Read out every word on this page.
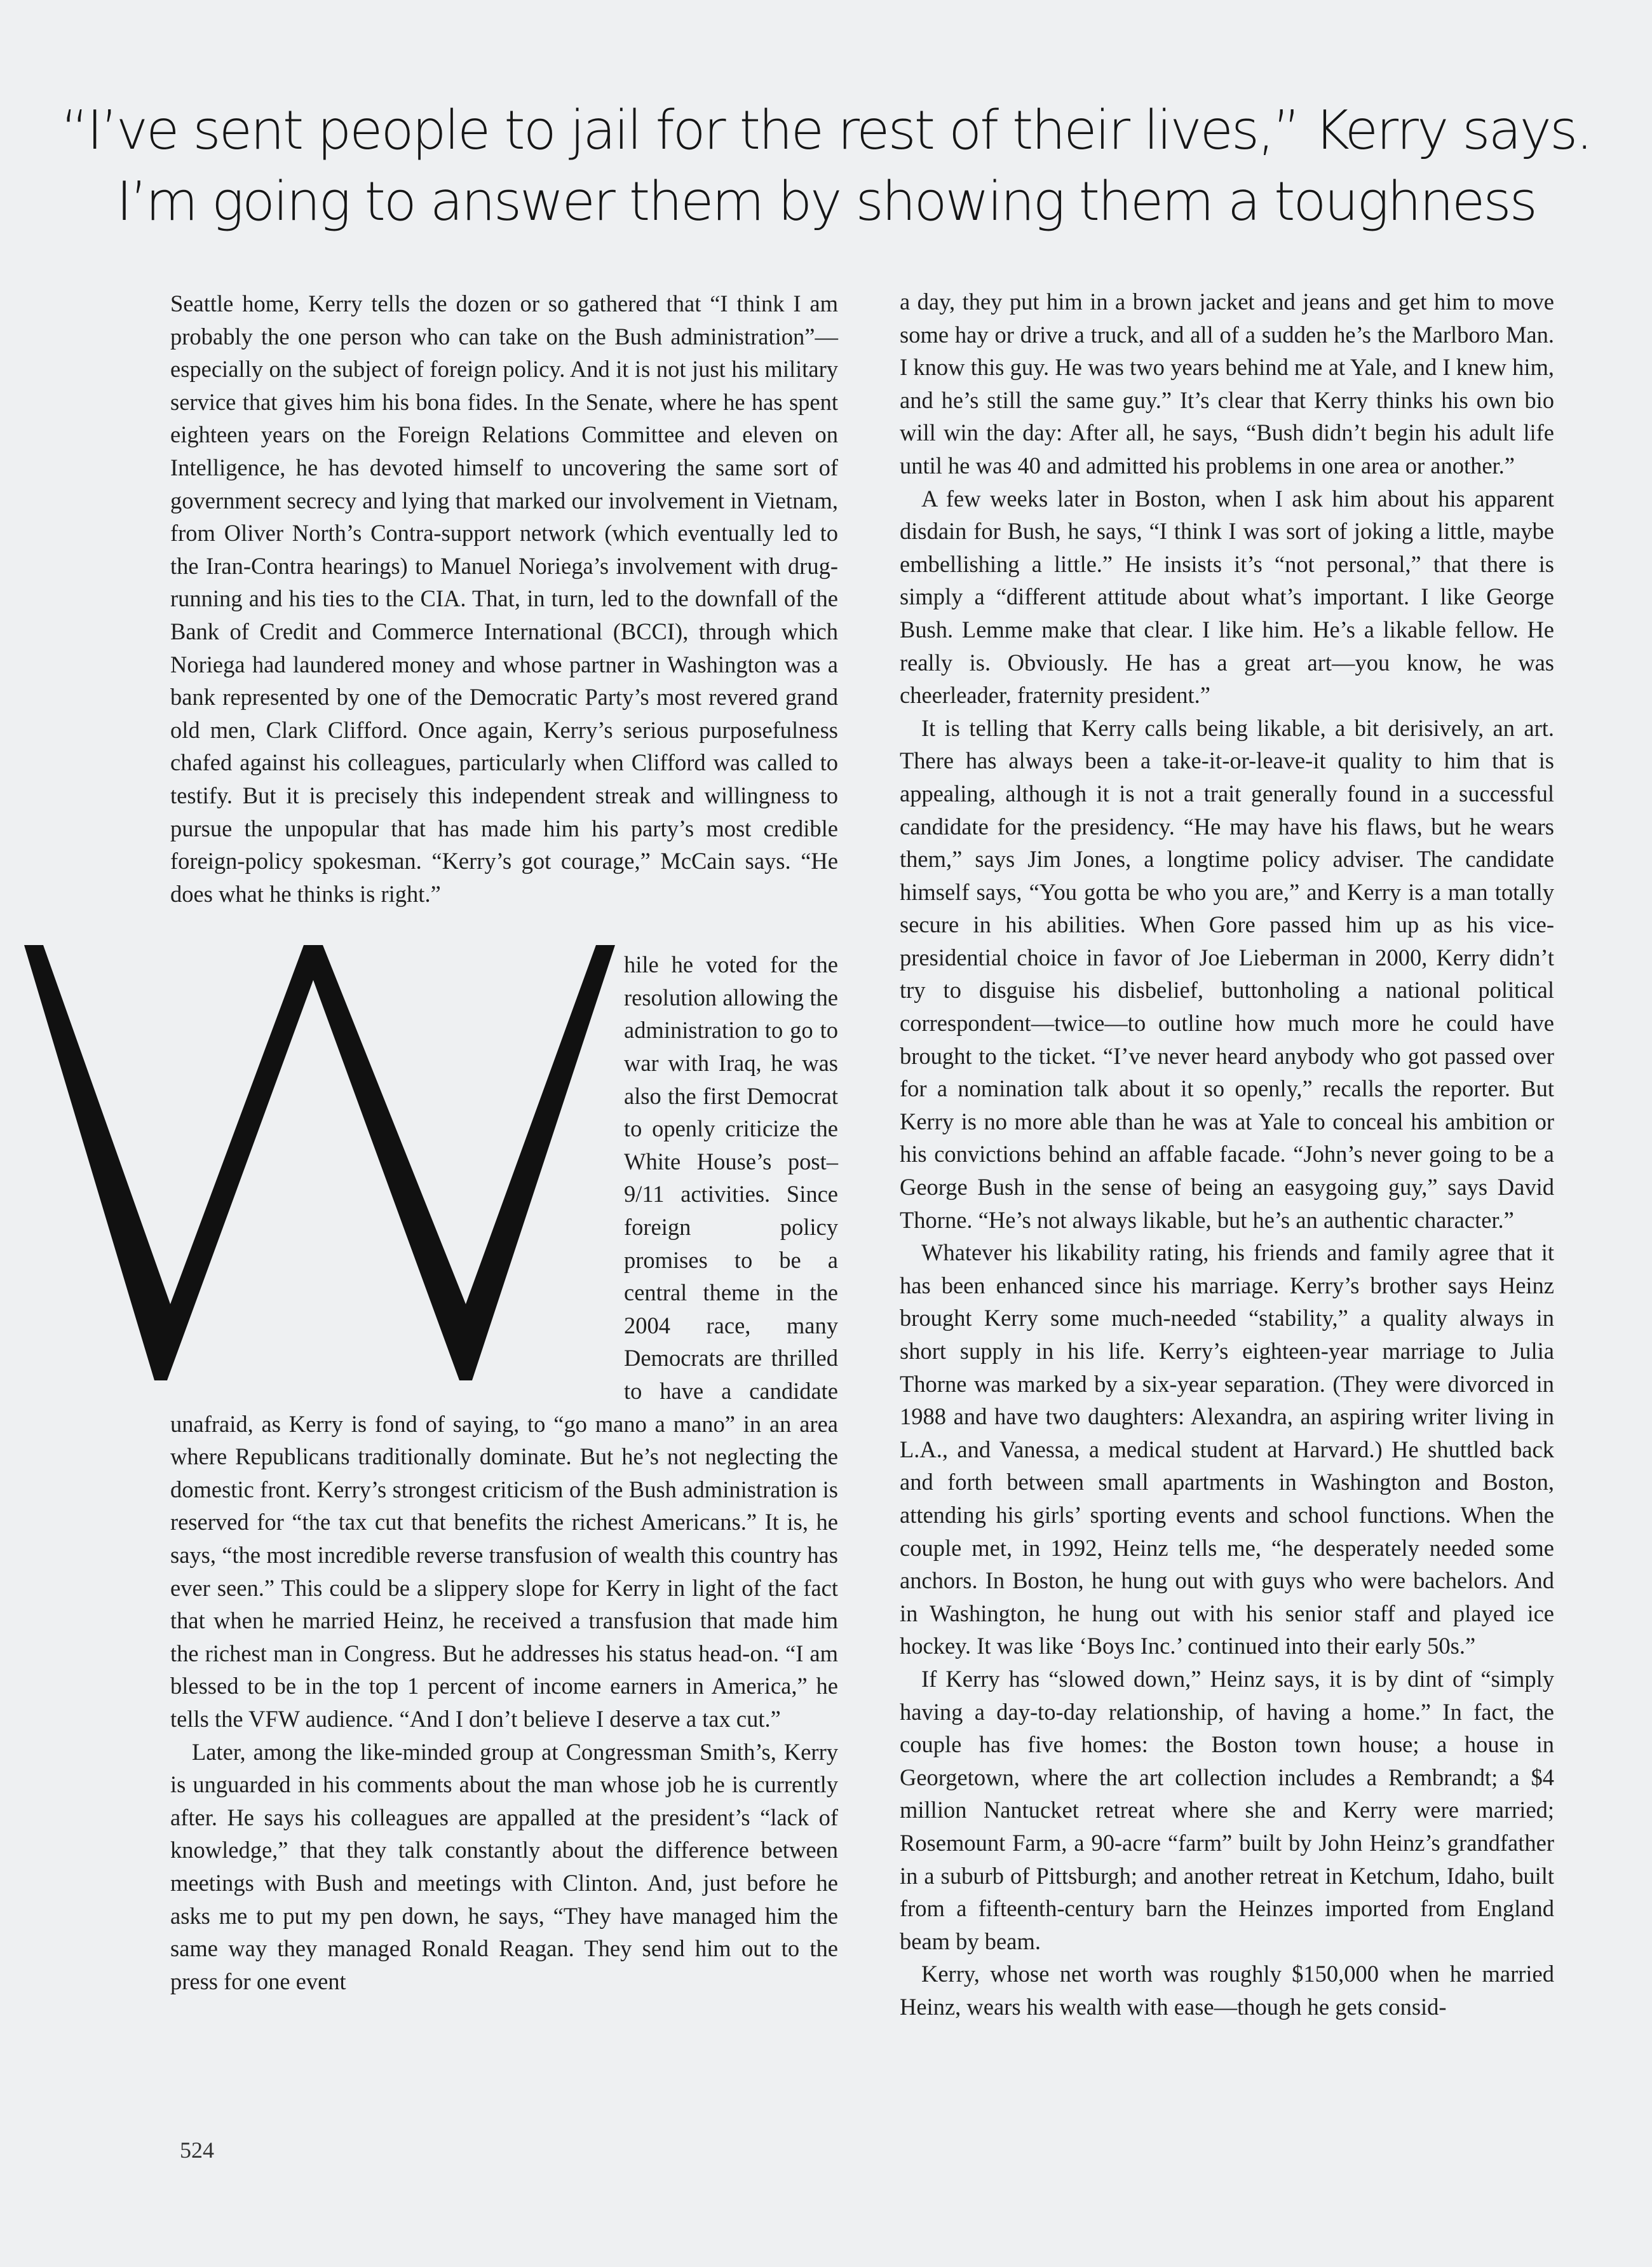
“I’ve sent people to jail for the rest of their lives,” Kerry says.
I’m going to answer them by showing them a toughness

Seattle home, Kerry tells the dozen or so gathered that “I think I am probably the one person who can take on the Bush administration”—especially on the subject of foreign policy. And it is not just his military service that gives him his bona fides. In the Senate, where he has spent eighteen years on the Foreign Relations Committee and eleven on Intelligence, he has devoted himself to uncovering the same sort of government secrecy and lying that marked our involvement in Vietnam, from Oliver North’s Contra-support network (which eventually led to the Iran-Contra hearings) to Manuel Noriega’s involvement with drug-running and his ties to the CIA. That, in turn, led to the downfall of the Bank of Credit and Commerce International (BCCI), through which Noriega had laundered money and whose partner in Washington was a bank represented by one of the Democratic Party’s most revered grand old men, Clark Clifford. Once again, Kerry’s serious purposefulness chafed against his colleagues, particularly when Clifford was called to testify. But it is precisely this independent streak and willingness to pursue the unpopular that has made him his party’s most credible foreign-policy spokesman. “Kerry’s got courage,” McCain says. “He does what he thinks is right.”

hile he voted for the resolution allowing the administration to go to war with Iraq, he was also the first Democrat to openly criticize the White House’s post–9/11 activities. Since foreign policy promises to be a central theme in the 2004 race, many Democrats are thrilled to have a candidate unafraid, as Kerry is fond of saying, to “go mano a mano” in an area where Republicans traditionally dominate. But he’s not neglecting the domestic front. Kerry’s strongest criticism of the Bush administration is reserved for “the tax cut that benefits the richest Americans.” It is, he says, “the most incredible reverse transfusion of wealth this country has ever seen.” This could be a slippery slope for Kerry in light of the fact that when he married Heinz, he received a transfusion that made him the richest man in Congress. But he addresses his status head-on. “I am blessed to be in the top 1 percent of income earners in America,” he tells the VFW audience. “And I don’t believe I deserve a tax cut.”

Later, among the like-minded group at Congressman Smith’s, Kerry is unguarded in his comments about the man whose job he is currently after. He says his colleagues are appalled at the president’s “lack of knowledge,” that they talk constantly about the difference between meetings with Bush and meetings with Clinton. And, just before he asks me to put my pen down, he says, “They have managed him the same way they managed Ronald Reagan. They send him out to the press for one event

a day, they put him in a brown jacket and jeans and get him to move some hay or drive a truck, and all of a sudden he’s the Marlboro Man. I know this guy. He was two years behind me at Yale, and I knew him, and he’s still the same guy.” It’s clear that Kerry thinks his own bio will win the day: After all, he says, “Bush didn’t begin his adult life until he was 40 and admitted his problems in one area or another.”

A few weeks later in Boston, when I ask him about his apparent disdain for Bush, he says, “I think I was sort of joking a little, maybe embellishing a little.” He insists it’s “not personal,” that there is simply a “different attitude about what’s important. I like George Bush. Lemme make that clear. I like him. He’s a likable fellow. He really is. Obviously. He has a great art—you know, he was cheerleader, fraternity president.”

It is telling that Kerry calls being likable, a bit derisively, an art. There has always been a take-it-or-leave-it quality to him that is appealing, although it is not a trait generally found in a successful candidate for the presidency. “He may have his flaws, but he wears them,” says Jim Jones, a longtime policy adviser. The candidate himself says, “You gotta be who you are,” and Kerry is a man totally secure in his abilities. When Gore passed him up as his vice-presidential choice in favor of Joe Lieberman in 2000, Kerry didn’t try to disguise his disbelief, buttonholing a national political correspondent—twice—to outline how much more he could have brought to the ticket. “I’ve never heard anybody who got passed over for a nomination talk about it so openly,” recalls the reporter. But Kerry is no more able than he was at Yale to conceal his ambition or his convictions behind an affable facade. “John’s never going to be a George Bush in the sense of being an easygoing guy,” says David Thorne. “He’s not always likable, but he’s an authentic character.”

Whatever his likability rating, his friends and family agree that it has been enhanced since his marriage. Kerry’s brother says Heinz brought Kerry some much-needed “stability,” a quality always in short supply in his life. Kerry’s eighteen-year marriage to Julia Thorne was marked by a six-year separation. (They were divorced in 1988 and have two daughters: Alexandra, an aspiring writer living in L.A., and Vanessa, a medical student at Harvard.) He shuttled back and forth between small apartments in Washington and Boston, attending his girls’ sporting events and school functions. When the couple met, in 1992, Heinz tells me, “he desperately needed some anchors. In Boston, he hung out with guys who were bachelors. And in Washington, he hung out with his senior staff and played ice hockey. It was like ‘Boys Inc.’ continued into their early 50s.”

If Kerry has “slowed down,” Heinz says, it is by dint of “simply having a day-to-day relationship, of having a home.” In fact, the couple has five homes: the Boston town house; a house in Georgetown, where the art collection includes a Rembrandt; a $4 million Nantucket retreat where she and Kerry were married; Rosemount Farm, a 90-acre “farm” built by John Heinz’s grandfather in a suburb of Pittsburgh; and another retreat in Ketchum, Idaho, built from a fifteenth-century barn the Heinzes imported from England beam by beam.

Kerry, whose net worth was roughly $150,000 when he married Heinz, wears his wealth with ease—though he gets consid-

524
